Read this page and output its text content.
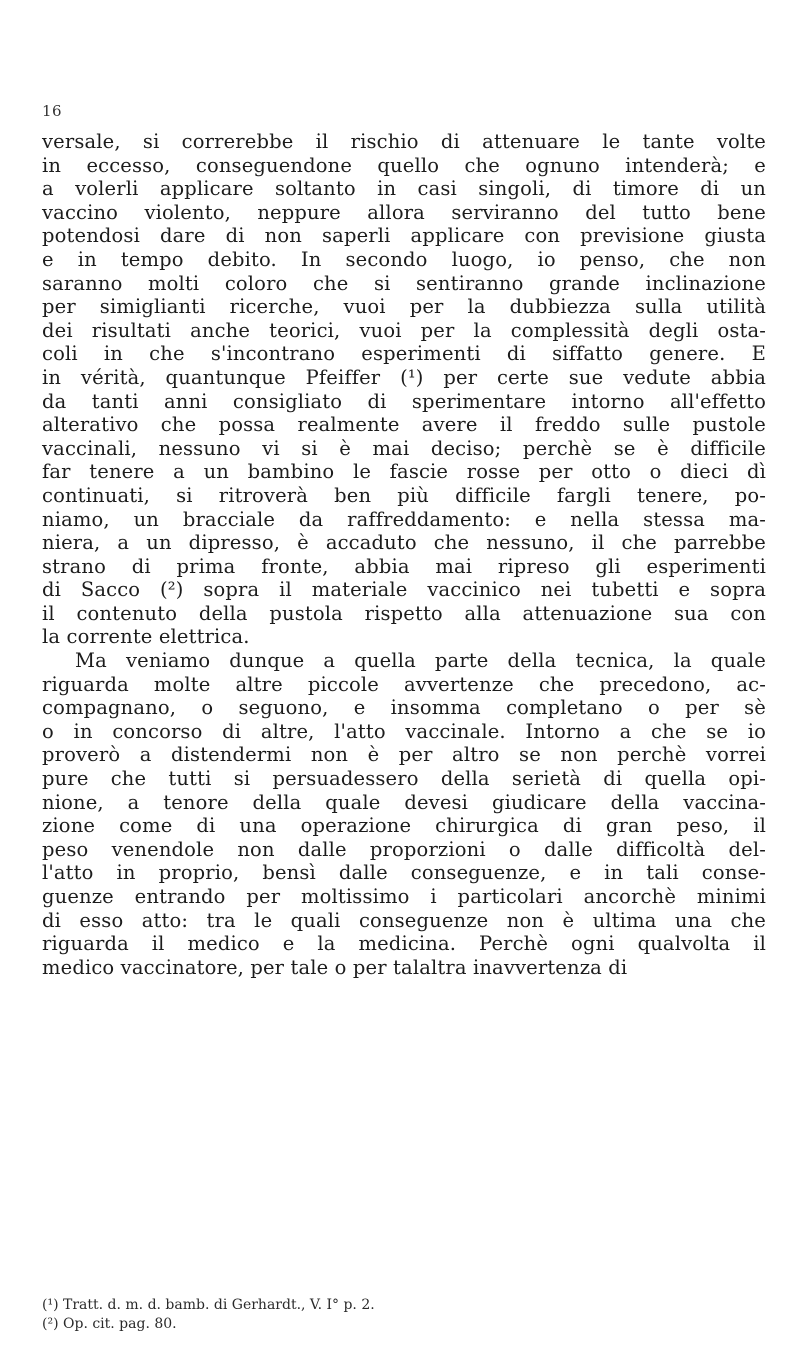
16
versale, si correrebbe il rischio di attenuare le tante volte
in eccesso, conseguendone quello che ognuno intenderà; e
a volerli applicare soltanto in casi singoli, di timore di un
vaccino violento, neppure allora serviranno del tutto bene
potendosi dare di non saperli applicare con previsione giusta
e in tempo debito. In secondo luogo, io penso, che non
saranno molti coloro che si sentiranno grande inclinazione
per simiglianti ricerche, vuoi per la dubbiezza sulla utilità
dei risultati anche teorici, vuoi per la complessità degli osta-
coli in che s'incontrano esperimenti di siffatto genere. E
in vérità, quantunque Pfeiffer (¹) per certe sue vedute abbia
da tanti anni consigliato di sperimentare intorno all'effetto
alterativo che possa realmente avere il freddo sulle pustole
vaccinali, nessuno vi si è mai deciso; perchè se è difficile
far tenere a un bambino le fascie rosse per otto o dieci dì
continuati, si ritroverà ben più difficile fargli tenere, po-
niamo, un bracciale da raffreddamento: e nella stessa ma-
niera, a un dipresso, è accaduto che nessuno, il che parrebbe
strano di prima fronte, abbia mai ripreso gli esperimenti
di Sacco (²) sopra il materiale vaccinico nei tubetti e sopra
il contenuto della pustola rispetto alla attenuazione sua con
la corrente elettrica.
Ma veniamo dunque a quella parte della tecnica, la quale
riguarda molte altre piccole avvertenze che precedono, ac-
compagnano, o seguono, e insomma completano o per sè
o in concorso di altre, l'atto vaccinale. Intorno a che se io
proverò a distendermi non è per altro se non perchè vorrei
pure che tutti si persuadessero della serietà di quella opi-
nione, a tenore della quale devesi giudicare della vaccina-
zione come di una operazione chirurgica di gran peso, il
peso venendole non dalle proporzioni o dalle difficoltà del-
l'atto in proprio, bensì dalle conseguenze, e in tali conse-
guenze entrando per moltissimo i particolari ancorchè minimi
di esso atto: tra le quali conseguenze non è ultima una che
riguarda il medico e la medicina. Perchè ogni qualvolta il
medico vaccinatore, per tale o per talaltra inavvertenza di
(¹) Tratt. d. m. d. bamb. di Gerhardt., V. I° p. 2.
(²) Op. cit. pag. 80.
